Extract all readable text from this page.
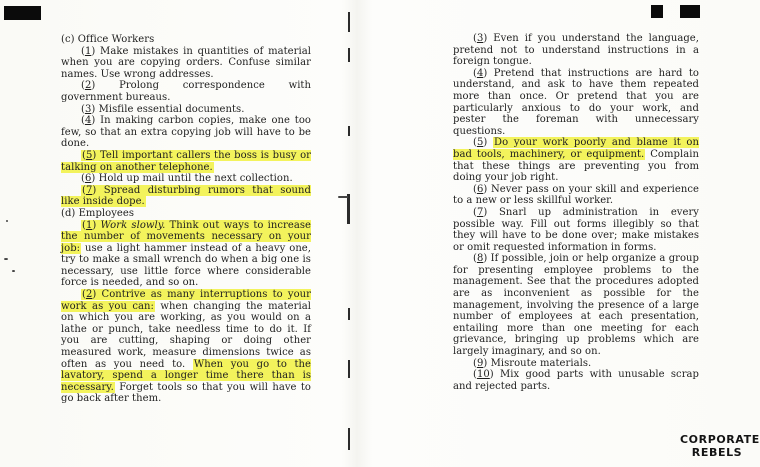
(c) Office Workers

(1) Make mistakes in quantities of material when you are copying orders. Confuse similar names. Use wrong addresses.

(2) Prolong correspondence with government bureaus.

(3) Misfile essential documents.

(4) In making carbon copies, make one too few, so that an extra copying job will have to be done.

(5) Tell important callers the boss is busy or talking on another telephone.

(6) Hold up mail until the next collection.

(7) Spread disturbing rumors that sound like inside dope.

(d) Employees

(1) Work slowly. Think out ways to increase the number of movements necessary on your job: use a light hammer instead of a heavy one, try to make a small wrench do when a big one is necessary, use little force where considerable force is needed, and so on.

(2) Contrive as many interruptions to your work as you can: when changing the material on which you are working, as you would on a lathe or punch, take needless time to do it. If you are cutting, shaping or doing other measured work, measure dimensions twice as often as you need to. When you go to the lavatory, spend a longer time there than is necessary. Forget tools so that you will have to go back after them.

(3) Even if you understand the language, pretend not to understand instructions in a foreign tongue.

(4) Pretend that instructions are hard to understand, and ask to have them repeated more than once. Or pretend that you are particularly anxious to do your work, and pester the foreman with unnecessary questions.

(5) Do your work poorly and blame it on bad tools, machinery, or equipment. Complain that these things are preventing you from doing your job right.

(6) Never pass on your skill and experience to a new or less skillful worker.

(7) Snarl up administration in every possible way. Fill out forms illegibly so that they will have to be done over; make mistakes or omit requested information in forms.

(8) If possible, join or help organize a group for presenting employee problems to the management. See that the procedures adopted are as inconvenient as possible for the management, involving the presence of a large number of employees at each presentation, entailing more than one meeting for each grievance, bringing up problems which are largely imaginary, and so on.

(9) Misroute materials.

(10) Mix good parts with unusable scrap and rejected parts.

CORPORATE
REBELS
